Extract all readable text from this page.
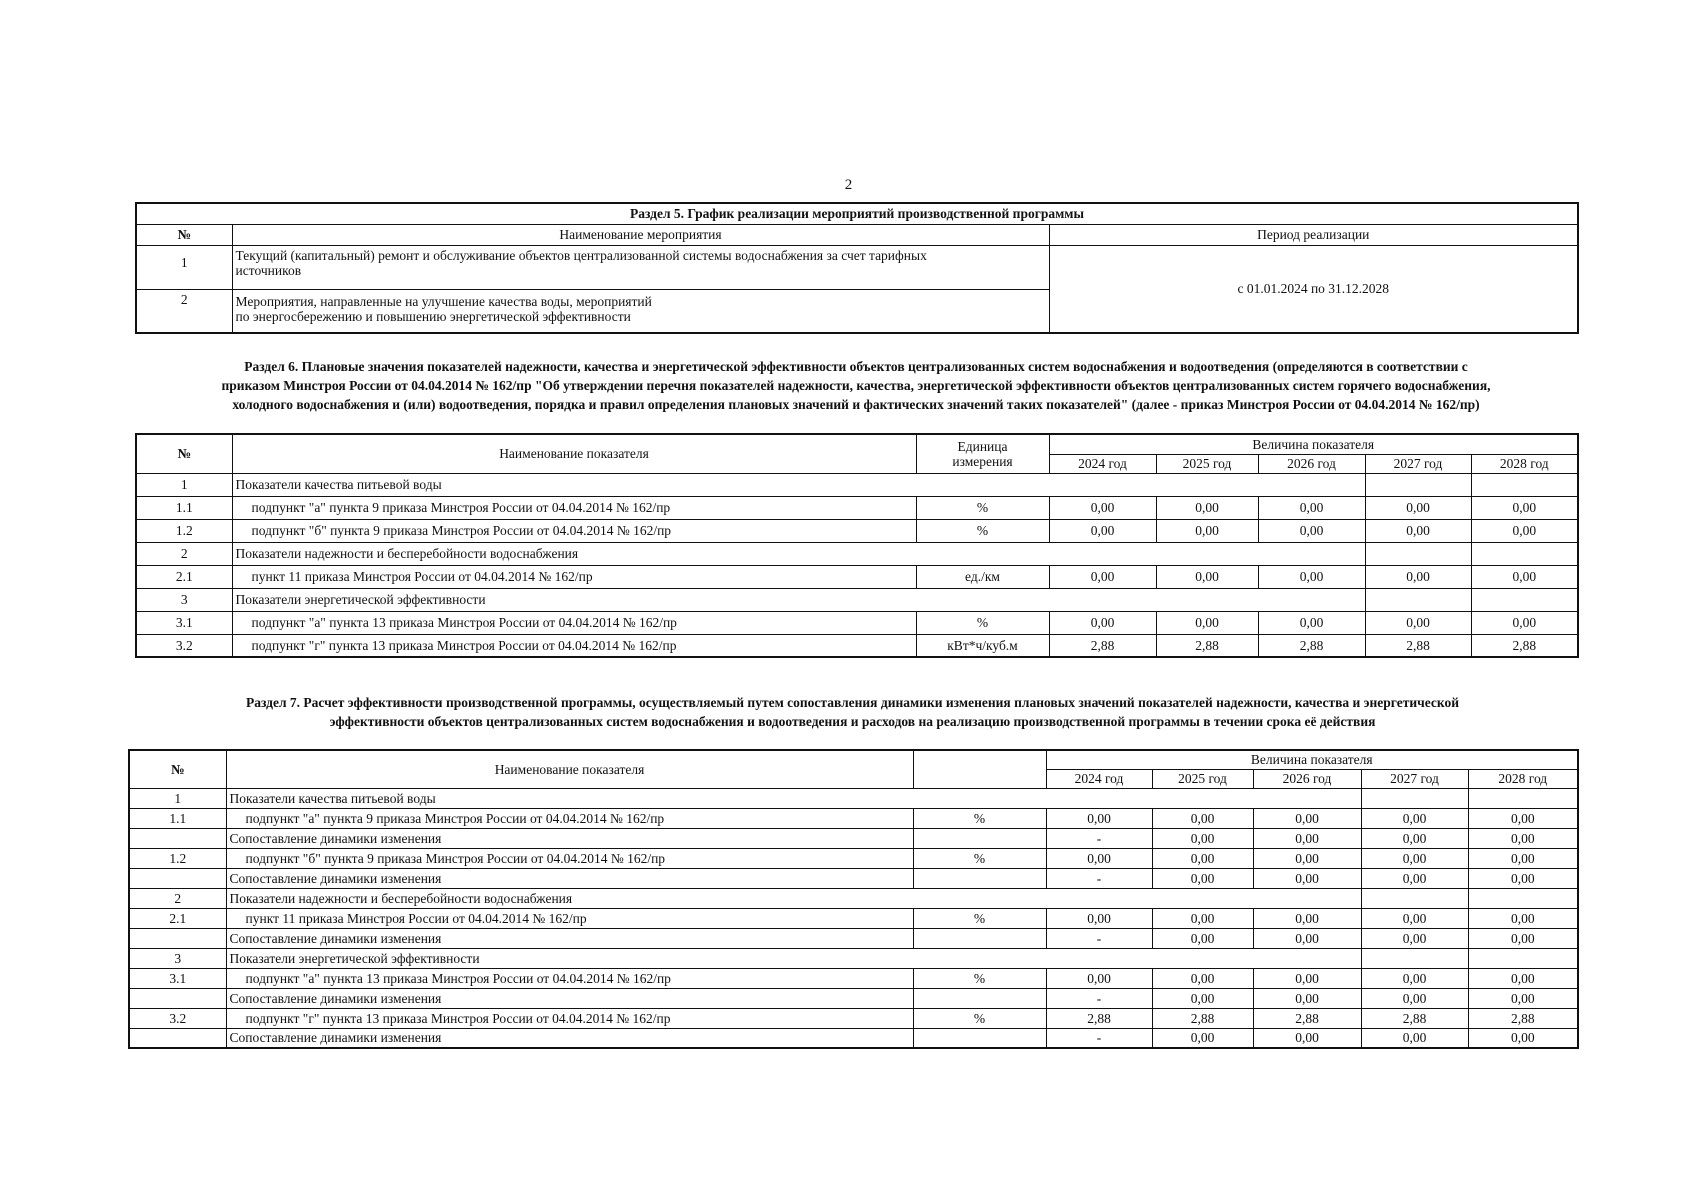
2
Раздел 5. График реализации мероприятий производственной программы		
№	Наименование мероприятия	Период реализации
1	Текущий (капитальный) ремонт и обслуживание объектов централизованной системы водоснабжения за счет тарифных
источников	с 01.01.2024 по 31.12.2028
2	Мероприятия, направленные на улучшение качества воды, мероприятий
по энергосбережению и повышению энергетической эффективности	
Раздел 6. Плановые значения показателей надежности, качества и энергетической эффективности объектов централизованных систем водоснабжения и водоотведения (определяются в соответствии с
приказом Минстроя России от 04.04.2014 № 162/пр "Об утверждении перечня показателей надежности, качества, энергетической эффективности объектов централизованных систем горячего водоснабжения,
холодного водоснабжения и (или) водоотведения, порядка и правил определения плановых значений и фактических значений таких показателей" (далее - приказ Минстроя России от 04.04.2014 № 162/пр)
№	Наименование показателя	Единица
измерения	Величина показателя				
			2024 год	2025 год	2026 год	2027 год	2028 год
1	Показатели качества питьевой воды						
1.1	подпункт "а" пункта 9 приказа Минстроя России от 04.04.2014 № 162/пр	%	0,00	0,00	0,00	0,00	0,00
1.2	подпункт "б" пункта 9 приказа Минстроя России от 04.04.2014 № 162/пр	%	0,00	0,00	0,00	0,00	0,00
2	Показатели надежности и бесперебойности водоснабжения						
2.1	пункт 11 приказа Минстроя России от 04.04.2014 № 162/пр	ед./км	0,00	0,00	0,00	0,00	0,00
3	Показатели энергетической эффективности						
3.1	подпункт "а" пункта 13 приказа Минстроя России от 04.04.2014 № 162/пр	%	0,00	0,00	0,00	0,00	0,00
3.2	подпункт "г" пункта 13 приказа Минстроя России от 04.04.2014 № 162/пр	кВт*ч/куб.м	2,88	2,88	2,88	2,88	2,88
Раздел 7. Расчет эффективности производственной программы, осуществляемый путем сопоставления динамики изменения плановых значений показателей надежности, качества и энергетической
эффективности объектов централизованных систем водоснабжения и водоотведения и расходов на реализацию производственной программы в течении срока её действия
№	Наименование показателя		Величина показателя				
			2024 год	2025 год	2026 год	2027 год	2028 год
1	Показатели качества питьевой воды						
1.1	подпункт "а" пункта 9 приказа Минстроя России от 04.04.2014 № 162/пр	%	0,00	0,00	0,00	0,00	0,00
	Сопоставление динамики изменения		-	0,00	0,00	0,00	0,00
1.2	подпункт "б" пункта 9 приказа Минстроя России от 04.04.2014 № 162/пр	%	0,00	0,00	0,00	0,00	0,00
	Сопоставление динамики изменения		-	0,00	0,00	0,00	0,00
2	Показатели надежности и бесперебойности водоснабжения						
2.1	пункт 11 приказа Минстроя России от 04.04.2014 № 162/пр	%	0,00	0,00	0,00	0,00	0,00
	Сопоставление динамики изменения		-	0,00	0,00	0,00	0,00
3	Показатели энергетической эффективности						
3.1	подпункт "а" пункта 13 приказа Минстроя России от 04.04.2014 № 162/пр	%	0,00	0,00	0,00	0,00	0,00
	Сопоставление динамики изменения		-	0,00	0,00	0,00	0,00
3.2	подпункт "г" пункта 13 приказа Минстроя России от 04.04.2014 № 162/пр	%	2,88	2,88	2,88	2,88	2,88
	Сопоставление динамики изменения		-	0,00	0,00	0,00	0,00
